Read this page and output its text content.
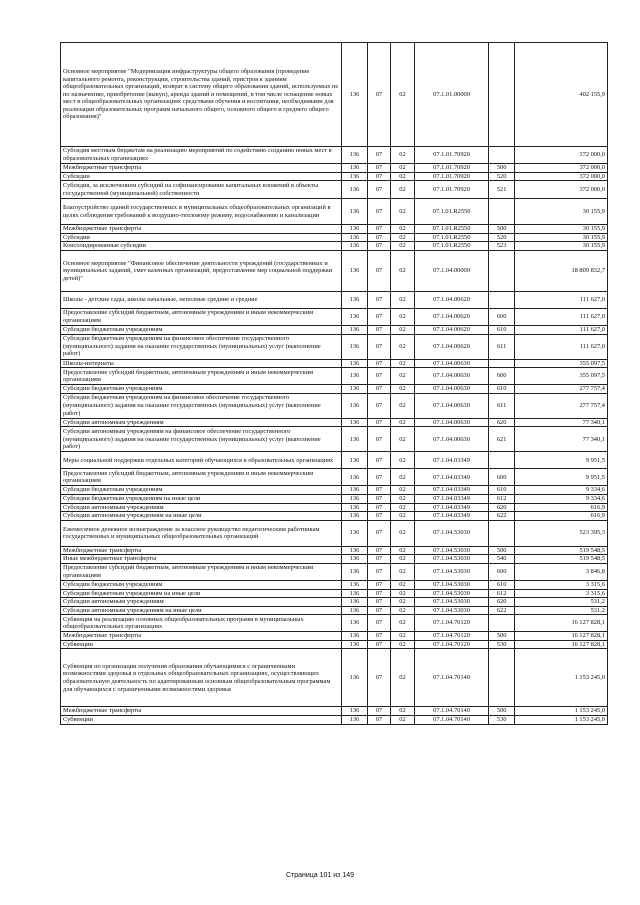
Основное мероприятие "Модернизация инфраструктуры общего образования (проведение капитального ремонта, реконструкции, строительства зданий, пристроя к зданиям общеобразовательных организаций, возврат в систему общего образования зданий, используемых не по назначению, приобретение (выкуп), аренда зданий и помещений, в том числе оснащение новых мест в общеобразовательных организациях средствами обучения и воспитания, необходимыми для реализации образовательных программ начального общего, основного общего и среднего общего образования)"	136	07	02	07.1.01.00000		402 155,9
Субсидия местным бюджетам на реализацию мероприятий по содействию созданию новых мест в образовательных организациях	136	07	02	07.1.01.70920		372 000,0
Межбюджетные трансферты	136	07	02	07.1.01.70920	500	372 000,0
Субсидии	136	07	02	07.1.01.70920	520	372 000,0
Субсидия, за исключением субсидий на софинансирование капитальных вложений в объекты государственной (муниципальной) собственности	136	07	02	07.1.01.70920	521	372 000,0
Благоустройство зданий государственных и муниципальных общеобразовательных организаций в целях соблюдения требований к воздушно-тепловому режиму, водоснабжению и канализации	136	07	02	07.1.01.R2550		30 155,9
Межбюджетные трансферты	136	07	02	07.1.01.R2550	500	30 155,9
Субсидии	136	07	02	07.1.01.R2550	520	30 155,9
Консолидированные субсидии	136	07	02	07.1.01.R2550	523	30 155,9
Основное мероприятие "Финансовое обеспечение деятельности учреждений (государственных и муниципальных заданий, смет казенных организаций, предоставление мер социальной поддержки детей)"	136	07	02	07.1.04.00000		18 809 832,7
Школы - детские сады, школы начальные, неполные средние и средние	136	07	02	07.1.04.00620		111 627,0
Предоставление субсидий бюджетным, автономным учреждениям и иным некоммерческим организациям	136	07	02	07.1.04.00620	600	111 627,0
Субсидии бюджетным учреждениям	136	07	02	07.1.04.00620	610	111 627,0
Субсидии бюджетным учреждениям на финансовое обеспечение государственного (муниципального) задания на оказание государственных (муниципальных) услуг (выполнение работ)	136	07	02	07.1.04.00620	611	111 627,0
Школы-интернаты	136	07	02	07.1.04.00630		355 097,5
Предоставление субсидий бюджетным, автономным учреждениям и иным некоммерческим организациям	136	07	02	07.1.04.00630	600	355 097,5
Субсидии бюджетным учреждениям	136	07	02	07.1.04.00630	610	277 757,4
Субсидии бюджетным учреждениям на финансовое обеспечение государственного (муниципального) задания на оказание государственных (муниципальных) услуг (выполнение работ)	136	07	02	07.1.04.00630	611	277 757,4
Субсидии автономным учреждениям	136	07	02	07.1.04.00630	620	77 340,1
Субсидии автономным учреждениям на финансовое обеспечение государственного (муниципального) задания на оказание государственных (муниципальных) услуг (выполнение работ)	136	07	02	07.1.04.00630	621	77 340,1
Меры социальной поддержки отдельных категорий обучающихся в образовательных организациях	136	07	02	07.1.04.03349		9 951,5
Предоставление субсидий бюджетным, автономным учреждениям и иным некоммерческим организациям	136	07	02	07.1.04.03349	600	9 951,5
Субсидии бюджетным учреждениям	136	07	02	07.1.04.03349	610	9 334,6
Субсидии бюджетным учреждениям на иные цели	136	07	02	07.1.04.03349	612	9 334,6
Субсидии автономным учреждениям	136	07	02	07.1.04.03349	620	616,9
Субсидии автономным учреждениям на иные цели	136	07	02	07.1.04.03349	622	616,9
Ежемесячное денежное вознаграждение за классное руководство педагогическим работникам государственных и муниципальных общеобразовательных организаций	136	07	02	07.1.04.53030		523 395,3
Межбюджетные трансферты	136	07	02	07.1.04.53030	500	519 548,5
Иные межбюджетные трансферты	136	07	02	07.1.04.53030	540	519 548,5
Предоставление субсидий бюджетным, автономным учреждениям и иным некоммерческим организациям	136	07	02	07.1.04.53030	600	3 846,8
Субсидии бюджетным учреждениям	136	07	02	07.1.04.53030	610	3 315,6
Субсидии бюджетным учреждениям на иные цели	136	07	02	07.1.04.53030	612	3 315,6
Субсидии автономным учреждениям	136	07	02	07.1.04.53030	620	531,2
Субсидии автономным учреждениям на иные цели	136	07	02	07.1.04.53030	622	531,2
Субвенция на реализацию основных общеобразовательных программ в муниципальных общеобразовательных организациях	136	07	02	07.1.04.70120		16 127 828,1
Межбюджетные трансферты	136	07	02	07.1.04.70120	500	16 127 828,1
Субвенции	136	07	02	07.1.04.70120	530	16 127 828,1
Субвенция по организации получения образования обучающимися с ограниченными возможностями здоровья в отдельных общеобразовательных организациях, осуществляющих образовательную деятельность по адаптированным основным общеобразовательным программам для обучающихся с ограниченными возможностями здоровья	136	07	02	07.1.04.70140		1 153 245,0
Межбюджетные трансферты	136	07	02	07.1.04.70140	500	1 153 245,0
Субвенции	136	07	02	07.1.04.70140	530	1 153 245,0
Страница 101 из 149
